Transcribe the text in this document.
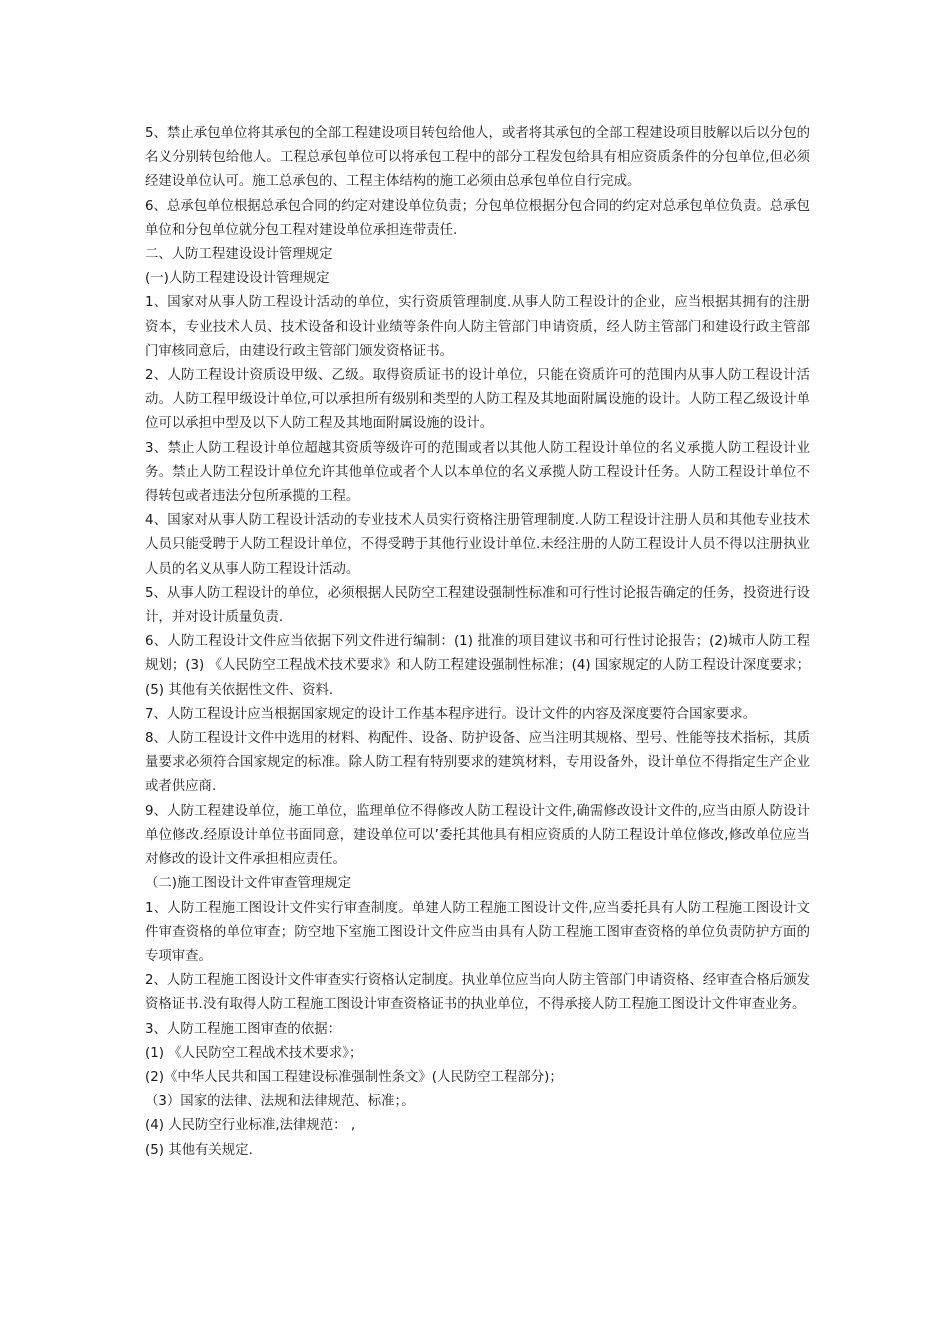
5、禁止承包单位将其承包的全部工程建设项目转包给他人，或者将其承包的全部工程建设项目肢解以后以分包的名义分别转包给他人。工程总承包单位可以将承包工程中的部分工程发包给具有相应资质条件的分包单位,但必须经建设单位认可。施工总承包的、工程主体结构的施工必须由总承包单位自行完成。

6、总承包单位根据总承包合同的约定对建设单位负责；分包单位根据分包合同的约定对总承包单位负责。总承包单位和分包单位就分包工程对建设单位承担连带责任.

二、人防工程建设设计管理规定

(一)人防工程建设设计管理规定

1、国家对从事人防工程设计活动的单位，实行资质管理制度.从事人防工程设计的企业，应当根据其拥有的注册资本，专业技术人员、技术设备和设计业绩等条件向人防主管部门申请资质，经人防主管部门和建设行政主管部门审核同意后，由建设行政主管部门颁发资格证书。

2、人防工程设计资质设甲级、乙级。取得资质证书的设计单位，只能在资质许可的范围内从事人防工程设计活动。人防工程甲级设计单位,可以承担所有级别和类型的人防工程及其地面附属设施的设计。人防工程乙级设计单位可以承担中型及以下人防工程及其地面附属设施的设计。

3、禁止人防工程设计单位超越其资质等级许可的范围或者以其他人防工程设计单位的名义承揽人防工程设计业务。禁止人防工程设计单位允许其他单位或者个人以本单位的名义承揽人防工程设计任务。人防工程设计单位不得转包或者违法分包所承揽的工程。

4、国家对从事人防工程设计活动的专业技术人员实行资格注册管理制度.人防工程设计注册人员和其他专业技术人员只能受聘于人防工程设计单位，不得受聘于其他行业设计单位.未经注册的人防工程设计人员不得以注册执业人员的名义从事人防工程设计活动。

5、从事人防工程设计的单位，必须根据人民防空工程建设强制性标准和可行性讨论报告确定的任务，投资进行设计，并对设计质量负责.

6、人防工程设计文件应当依据下列文件进行编制：(1) 批准的项目建议书和可行性讨论报告；(2)城市人防工程规划；(3) 《人民防空工程战术技术要求》和人防工程建设强制性标准；(4) 国家规定的人防工程设计深度要求；(5) 其他有关依据性文件、资料.

7、人防工程设计应当根据国家规定的设计工作基本程序进行。设计文件的内容及深度要符合国家要求。

8、人防工程设计文件中选用的材料、构配件、设备、防护设备、应当注明其规格、型号、性能等技术指标，其质量要求必须符合国家规定的标准。除人防工程有特别要求的建筑材料，专用设备外，设计单位不得指定生产企业或者供应商.

9、人防工程建设单位，施工单位，监理单位不得修改人防工程设计文件,确需修改设计文件的,应当由原人防设计单位修改.经原设计单位书面同意，建设单位可以’委托其他具有相应资质的人防工程设计单位修改,修改单位应当对修改的设计文件承担相应责任。

（二)施工图设计文件审查管理规定

1、人防工程施工图设计文件实行审查制度。单建人防工程施工图设计文件,应当委托具有人防工程施工图设计文件审查资格的单位审查；防空地下室施工图设计文件应当由具有人防工程施工图审查资格的单位负责防护方面的专项审查。

2、人防工程施工图设计文件审查实行资格认定制度。执业单位应当向人防主管部门申请资格、经审查合格后颁发资格证书.没有取得人防工程施工图设计审查资格证书的执业单位，不得承接人防工程施工图设计文件审查业务。

3、人防工程施工图审查的依据：

(1) 《人民防空工程战术技术要求》；

(2)《中华人民共和国工程建设标准强制性条文》(人民防空工程部分)；

（3）国家的法律、法规和法律规范、标准；。

(4) 人民防空行业标准,法律规范： ,

(5) 其他有关规定.
